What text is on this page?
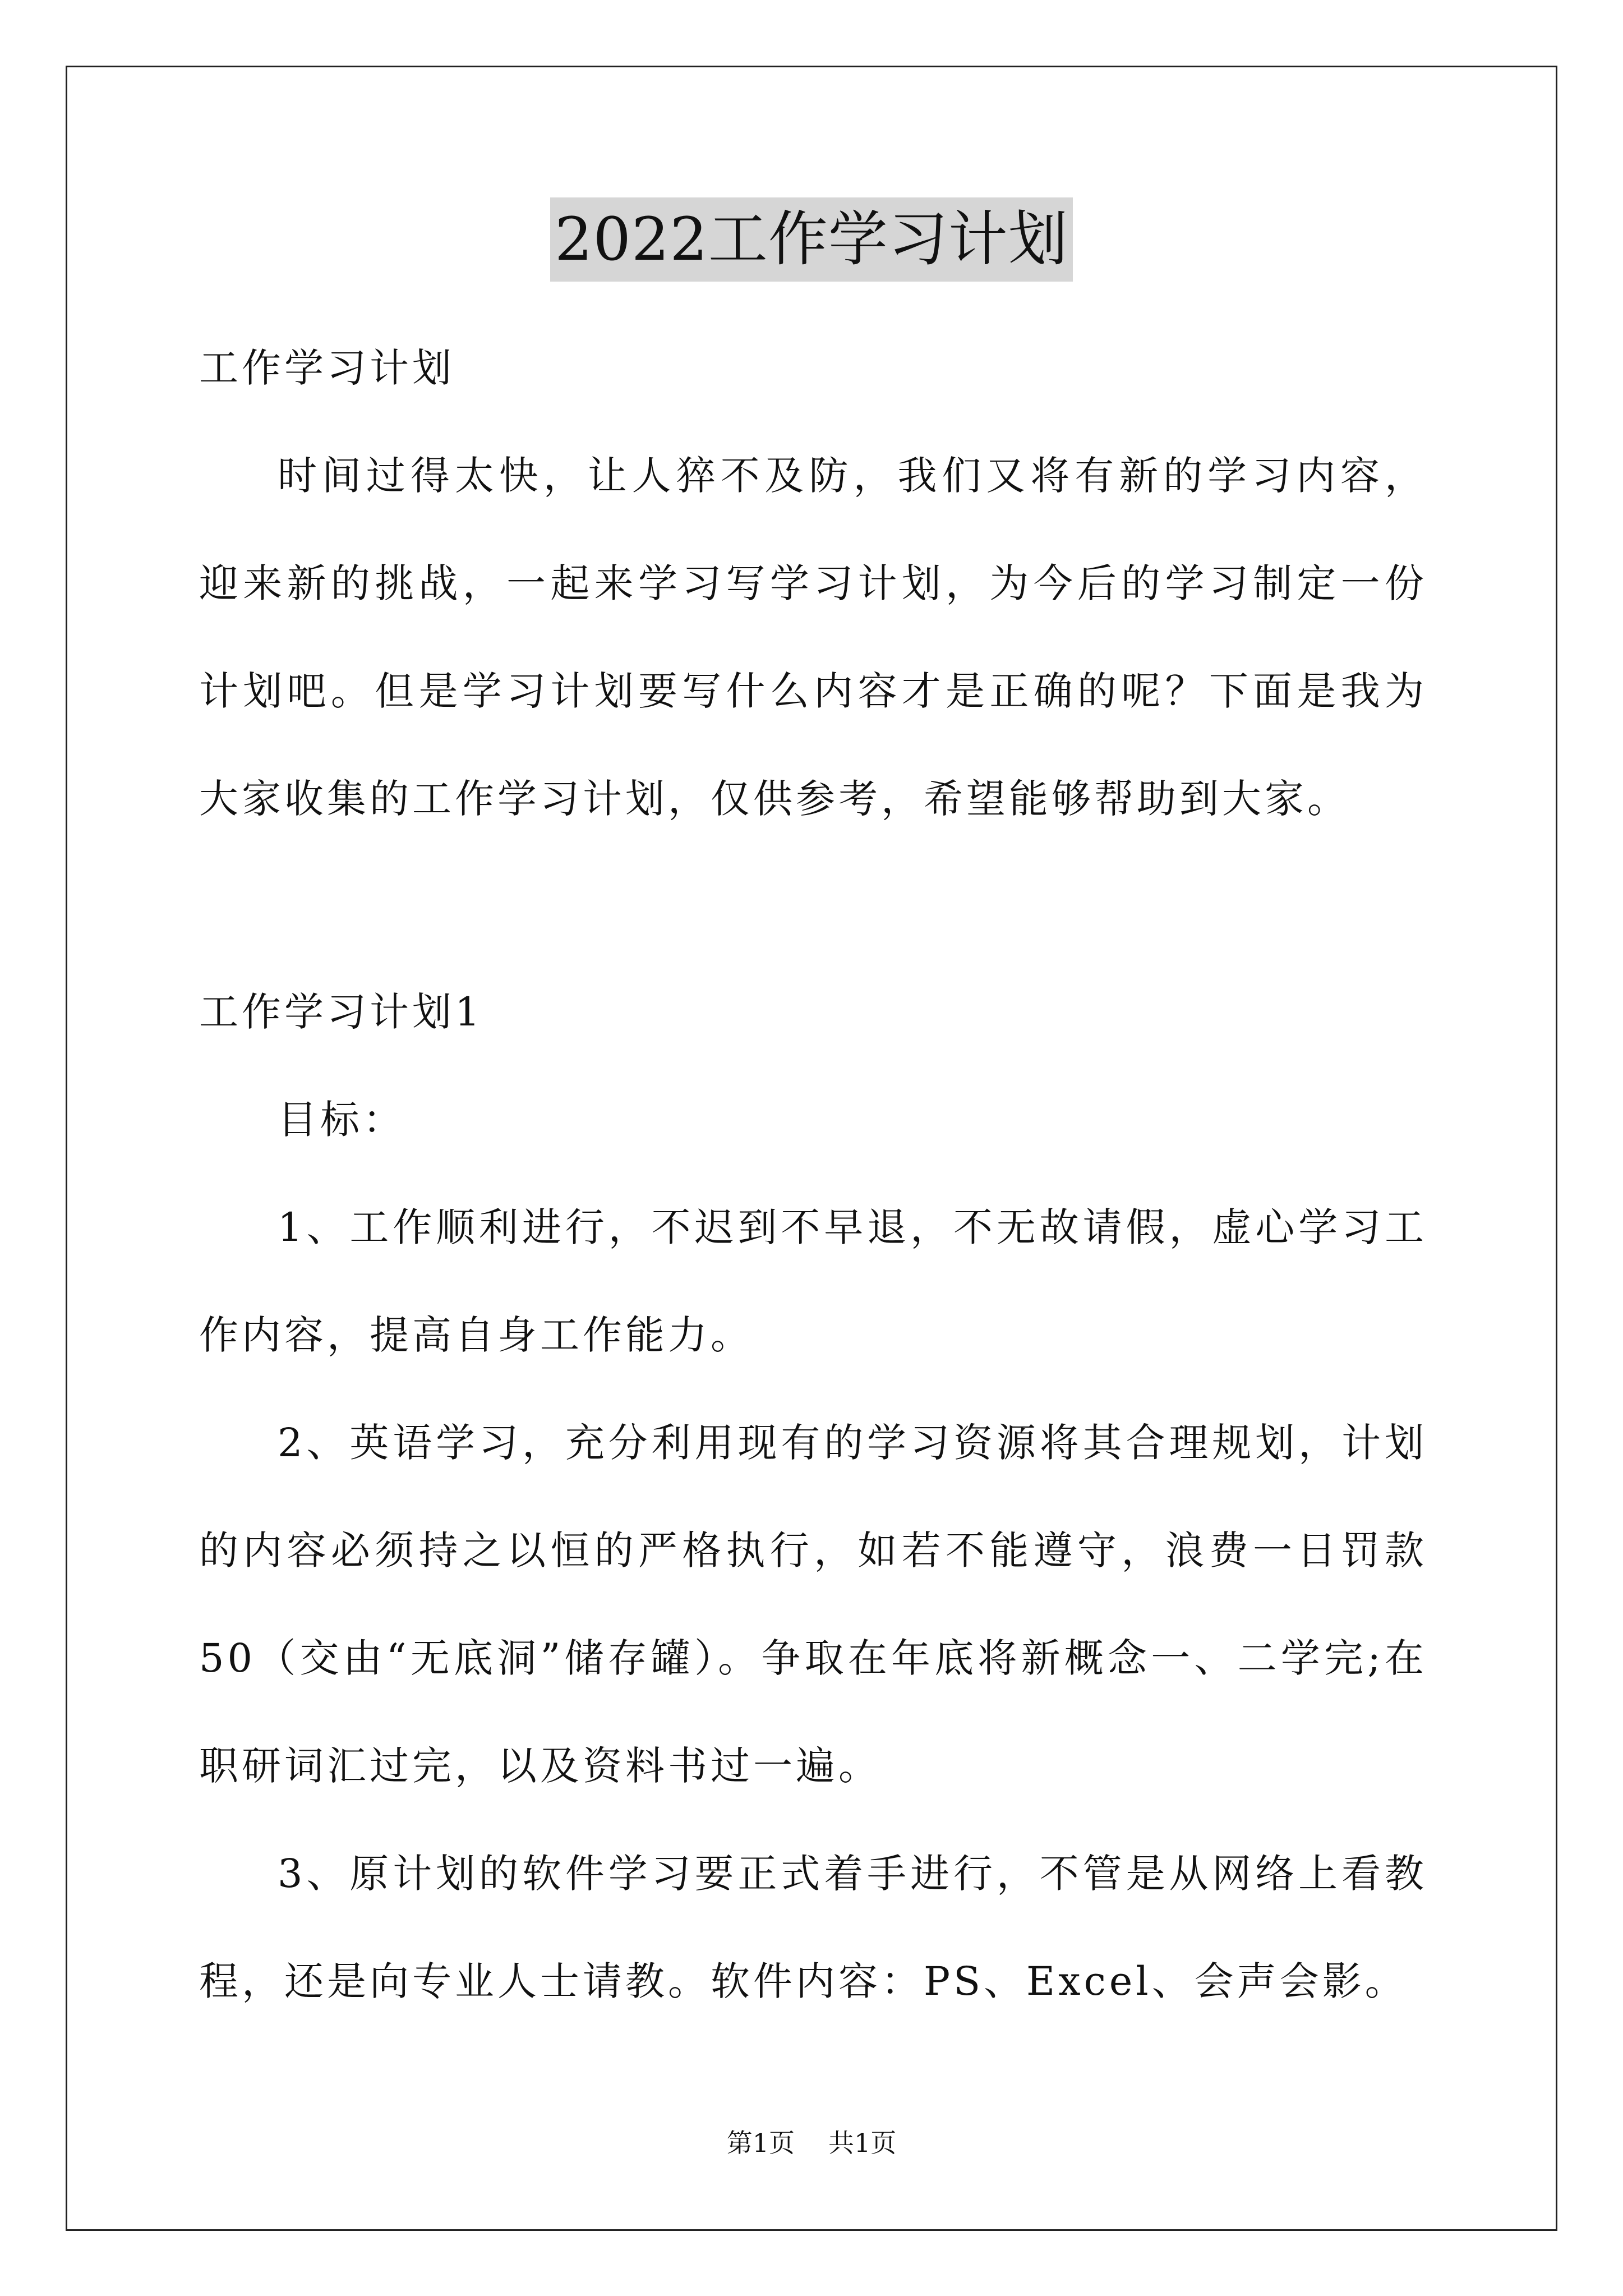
2022工作学习计划

工作学习计划

时间过得太快，让人猝不及防，我们又将有新的学习内容，迎来新的挑战，一起来学习写学习计划，为今后的学习制定一份计划吧。但是学习计划要写什么内容才是正确的呢？下面是我为大家收集的工作学习计划，仅供参考，希望能够帮助到大家。

工作学习计划1

目标：

1、工作顺利进行，不迟到不早退，不无故请假，虚心学习工作内容，提高自身工作能力。

2、英语学习，充分利用现有的学习资源将其合理规划，计划的内容必须持之以恒的严格执行，如若不能遵守，浪费一日罚款50（交由“无底洞”储存罐）。争取在年底将新概念一、二学完;在职研词汇过完，以及资料书过一遍。

3、原计划的软件学习要正式着手进行，不管是从网络上看教程，还是向专业人士请教。软件内容：PS、Excel、会声会影。

第1页 共1页
